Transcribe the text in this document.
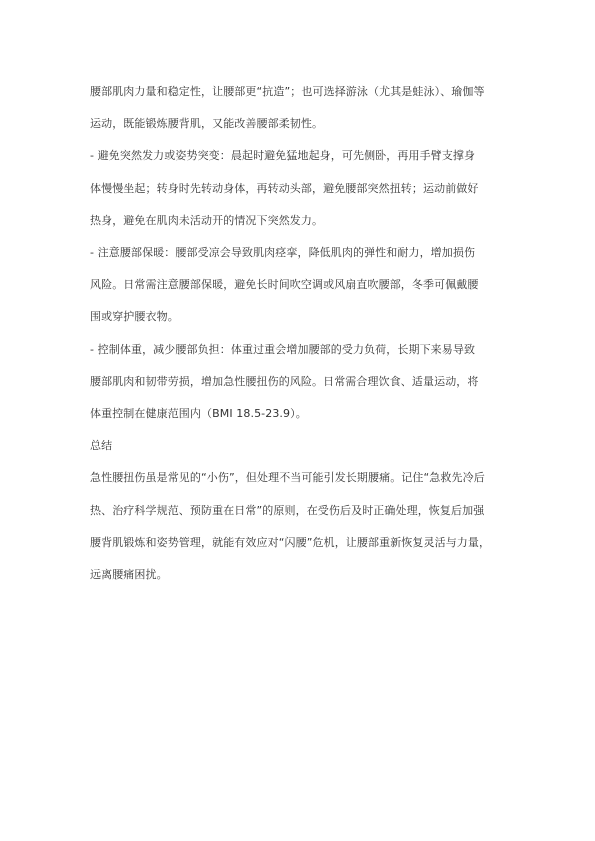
腰部肌肉力量和稳定性，让腰部更“抗造”；也可选择游泳（尤其是蛙泳）、瑜伽等
运动，既能锻炼腰背肌，又能改善腰部柔韧性。
- 避免突然发力或姿势突变：晨起时避免猛地起身，可先侧卧，再用手臂支撑身
体慢慢坐起；转身时先转动身体，再转动头部，避免腰部突然扭转；运动前做好
热身，避免在肌肉未活动开的情况下突然发力。
- 注意腰部保暖：腰部受凉会导致肌肉痉挛，降低肌肉的弹性和耐力，增加损伤
风险。日常需注意腰部保暖，避免长时间吹空调或风扇直吹腰部，冬季可佩戴腰
围或穿护腰衣物。
- 控制体重，减少腰部负担：体重过重会增加腰部的受力负荷，长期下来易导致
腰部肌肉和韧带劳损，增加急性腰扭伤的风险。日常需合理饮食、适量运动，将
体重控制在健康范围内（BMI 18.5-23.9）。
总结
急性腰扭伤虽是常见的“小伤”，但处理不当可能引发长期腰痛。记住“急救先冷后
热、治疗科学规范、预防重在日常”的原则，在受伤后及时正确处理，恢复后加强
腰背肌锻炼和姿势管理，就能有效应对“闪腰”危机，让腰部重新恢复灵活与力量，
远离腰痛困扰。
